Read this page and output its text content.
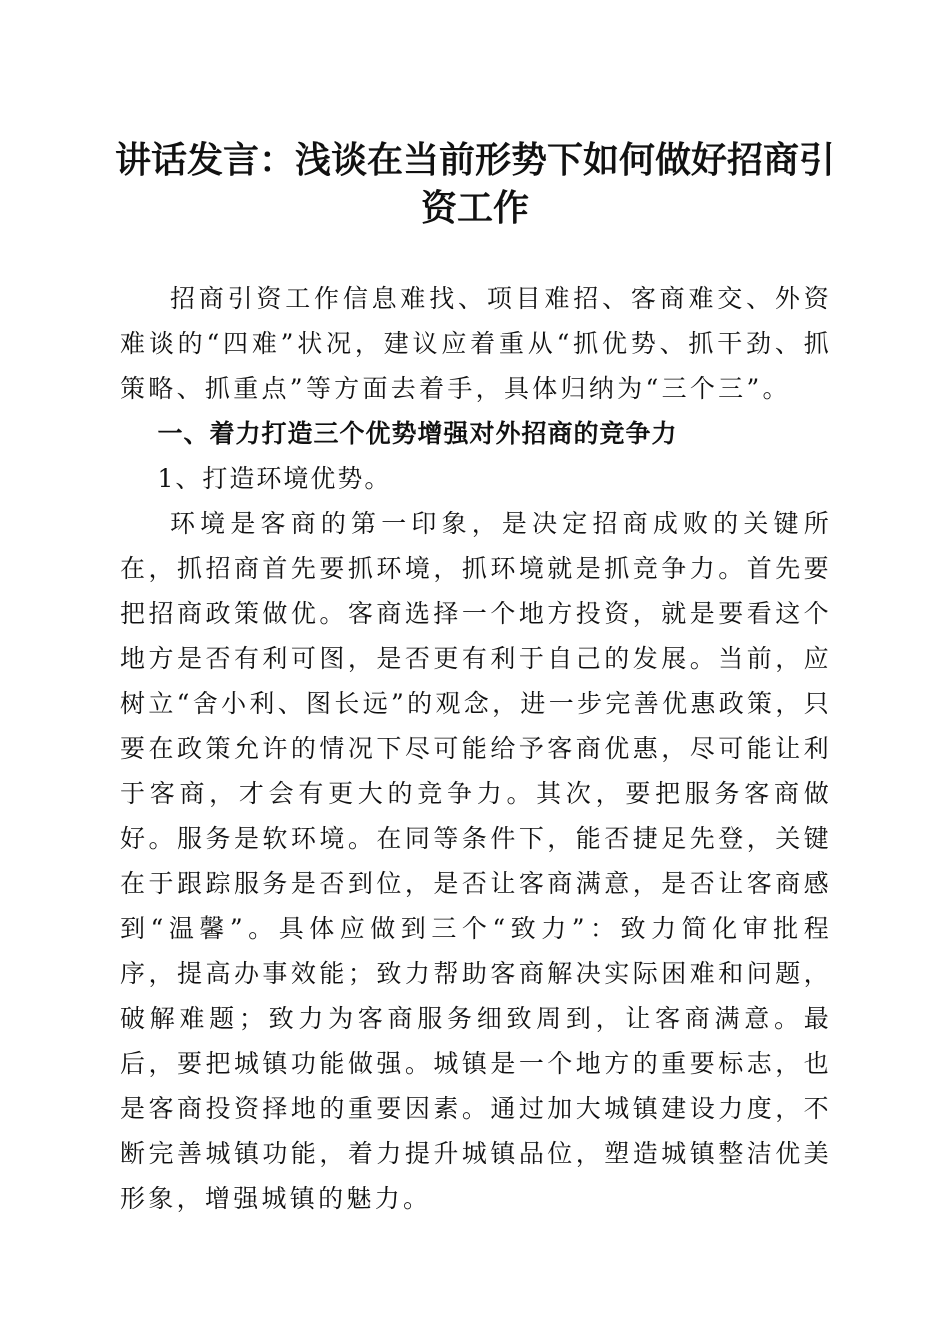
讲话发言：浅谈在当前形势下如何做好招商引资工作

招商引资工作信息难找、项目难招、客商难交、外资难谈的“四难”状况，建议应着重从“抓优势、抓干劲、抓策略、抓重点”等方面去着手，具体归纳为“三个三”。

一、着力打造三个优势增强对外招商的竞争力

1、打造环境优势。

环境是客商的第一印象，是决定招商成败的关键所在，抓招商首先要抓环境，抓环境就是抓竞争力。首先要把招商政策做优。客商选择一个地方投资，就是要看这个地方是否有利可图，是否更有利于自己的发展。当前，应树立“舍小利、图长远”的观念，进一步完善优惠政策，只要在政策允许的情况下尽可能给予客商优惠，尽可能让利于客商，才会有更大的竞争力。其次，要把服务客商做好。服务是软环境。在同等条件下，能否捷足先登，关键在于跟踪服务是否到位，是否让客商满意，是否让客商感到“温馨”。具体应做到三个“致力”：致力简化审批程序，提高办事效能；致力帮助客商解决实际困难和问题，破解难题；致力为客商服务细致周到，让客商满意。最后，要把城镇功能做强。城镇是一个地方的重要标志，也是客商投资择地的重要因素。通过加大城镇建设力度，不断完善城镇功能，着力提升城镇品位，塑造城镇整洁优美形象，增强城镇的魅力。
